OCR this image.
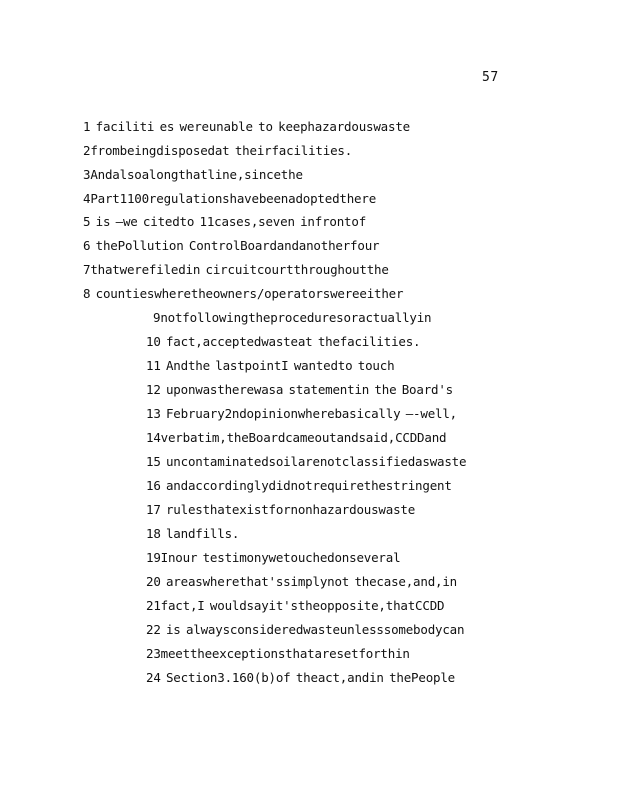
57
1 faciliti es wereunable to keephazardouswaste
2frombeingdisposedat theirfacilities.
3Andalsoalongthatline,sincethe
4Part1100regulationshavebeenadoptedthere
5 is —we citedto 11cases,seven infrontof
6 thePollution ControlBoardandanotherfour
7thatwerefiledin circuitcourtthroughoutthe
8 countieswheretheowners/operatorswereeither
9notfollowingtheproceduresoractuallyin
10 fact,acceptedwasteat thefacilities.
11 Andthe lastpointI wantedto touch
12 uponwastherewasa statementin the Board's
13 February2ndopinionwherebasically —-well,
14verbatim,theBoardcameoutandsaid,CCDDand
15 uncontaminatedsoilarenotclassifiedaswaste
16 andaccordinglydidnotrequirethestringent
17 rulesthatexistfornonhazardouswaste
18 landfills.
19Inour testimonywetouchedonseveral
20 areaswherethat'ssimplynot thecase,and,in
21fact,I wouldsayit'stheopposite,thatCCDD
22 is alwaysconsideredwasteunlesssomebodycan
23meettheexceptionsthataresetforthin
24 Section3.160(b)of theact,andin thePeople
